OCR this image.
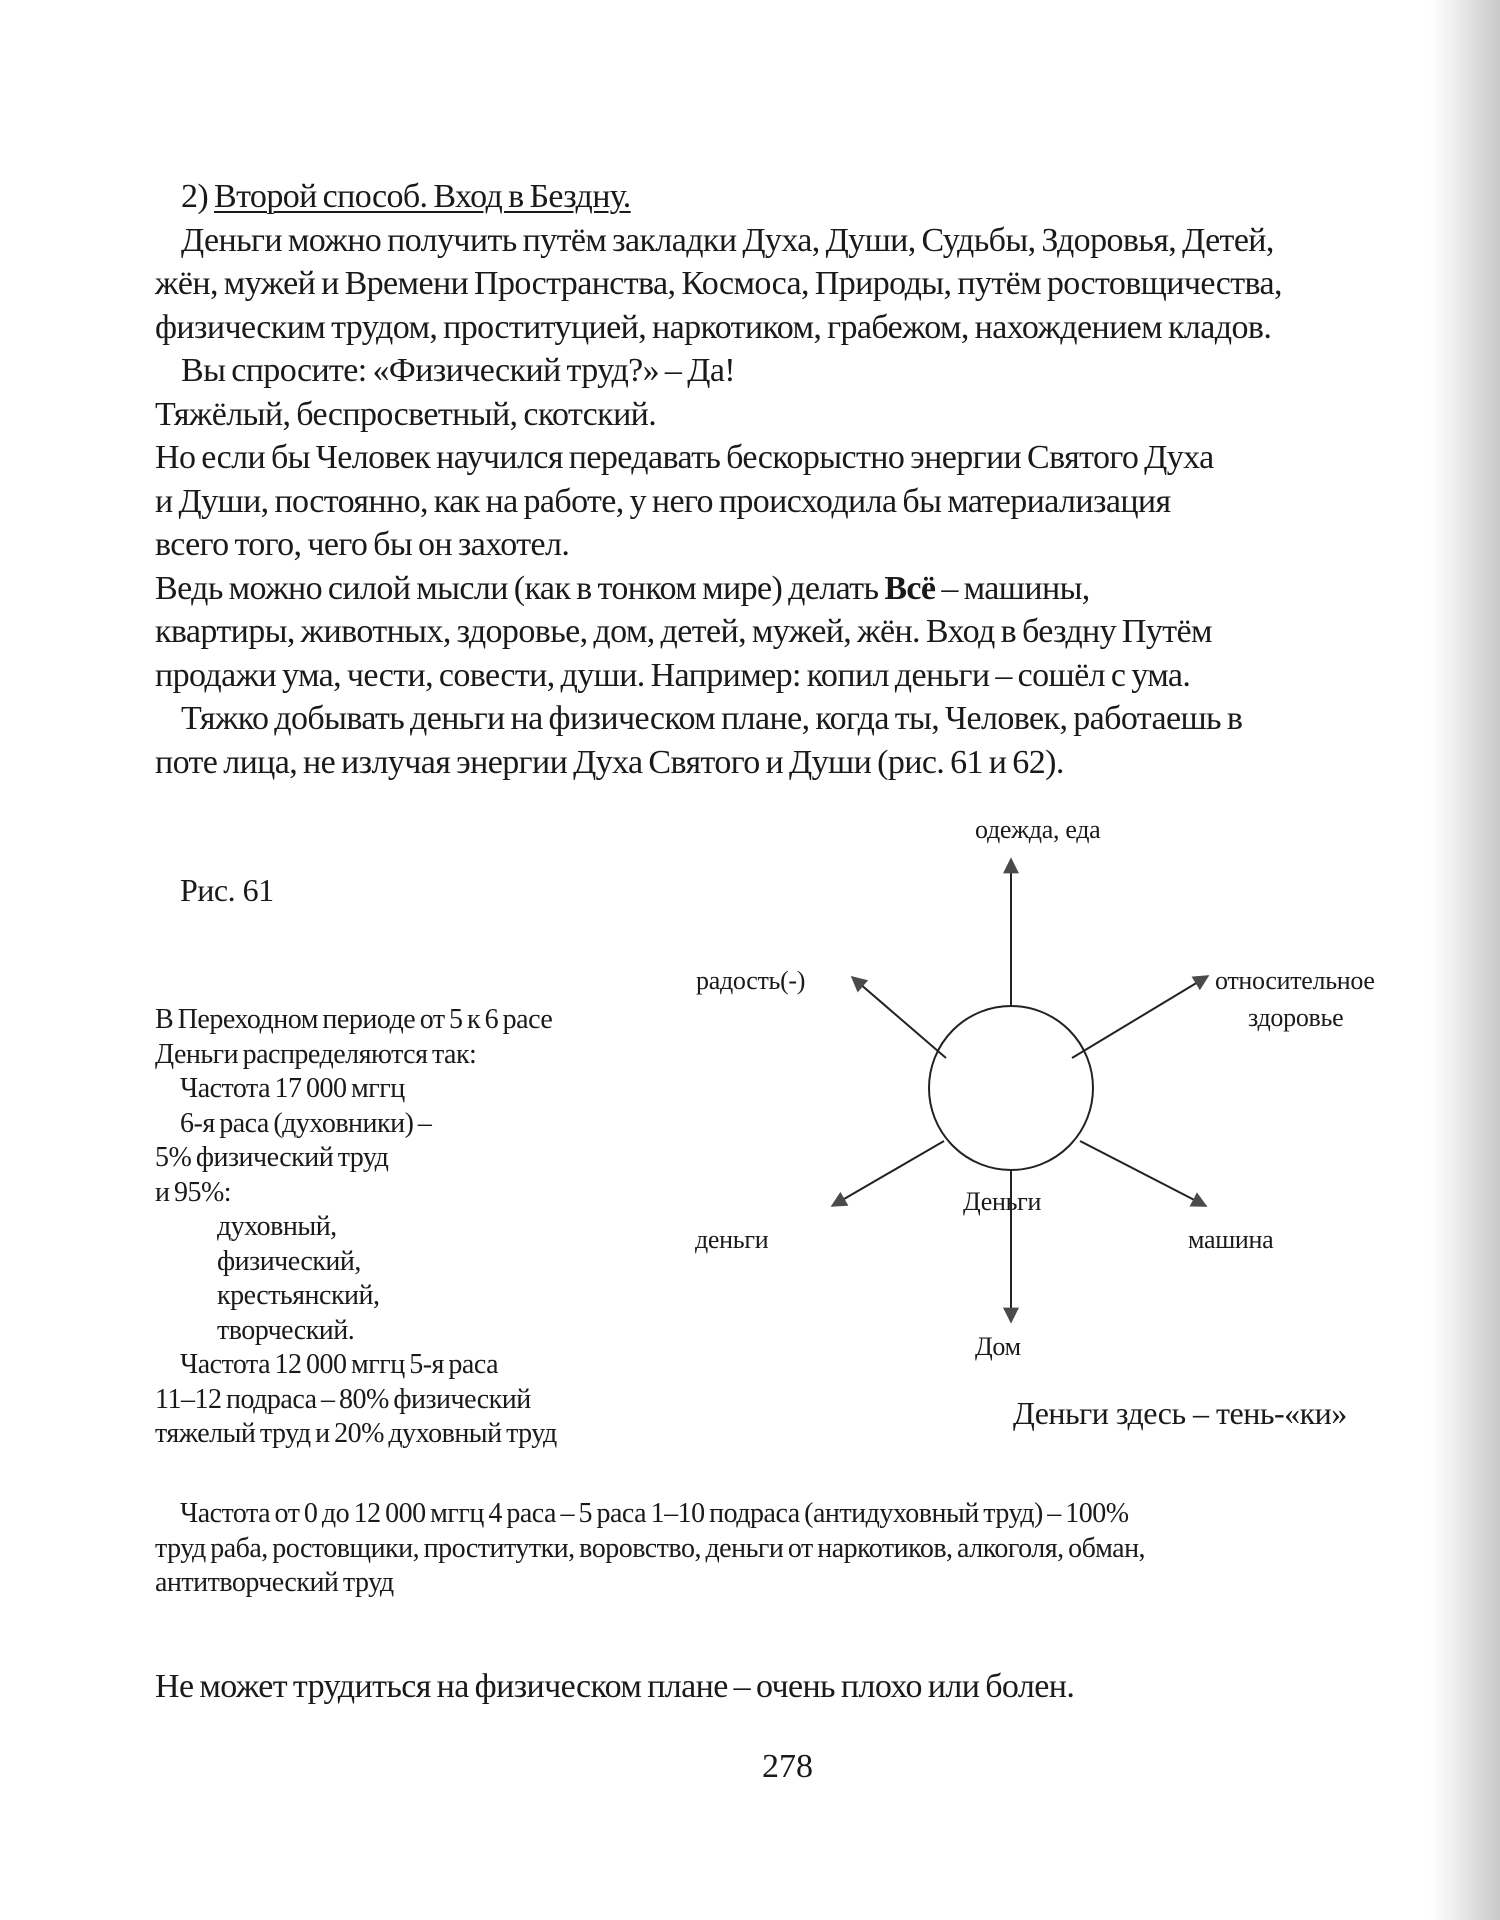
2) Второй способ. Вход в Бездну.
Деньги можно получить путём закладки Духа, Души, Судьбы, Здоровья, Детей,
жён, мужей и Времени Пространства, Космоса, Природы, путём ростовщичества,
физическим трудом, проституцией, наркотиком, грабежом, нахождением кладов.
Вы спросите: «Физический труд?» – Да!
Тяжёлый, беспросветный, скотский.
Но если бы Человек научился передавать бескорыстно энергии Святого Духа
и Души, постоянно, как на работе, у него происходила бы материализация
всего того, чего бы он захотел.
Ведь можно силой мысли (как в тонком мире) делать Всё – машины,
квартиры, животных, здоровье, дом, детей, мужей, жён. Вход в бездну Путём
продажи ума, чести, совести, души. Например: копил деньги – сошёл с ума.
Тяжко добывать деньги на физическом плане, когда ты, Человек, работаешь в
поте лица, не излучая энергии Духа Святого и Души (рис. 61 и 62).
Рис. 61
В Переходном периоде от 5 к 6 расе
Деньги распределяются так:
Частота 17 000 мггц
6-я раса (духовники) –
5% физический труд
и 95%:
духовный,
физический,
крестьянский,
творческий.
Частота 12 000 мггц 5-я раса
11–12 подраса – 80% физический
тяжелый труд и 20% духовный труд
одежда, еда
радость(-)	относительное
здоровье
Деньги
деньги	машина
Дом
Деньги здесь – тень-«ки»
Частота от 0 до 12 000 мггц 4 раса – 5 раса 1–10 подраса (антидуховный труд) – 100%
труд раба, ростовщики, проститутки, воровство, деньги от наркотиков, алкоголя, обман,
антитворческий труд
Не может трудиться на физическом плане – очень плохо или болен.
278
